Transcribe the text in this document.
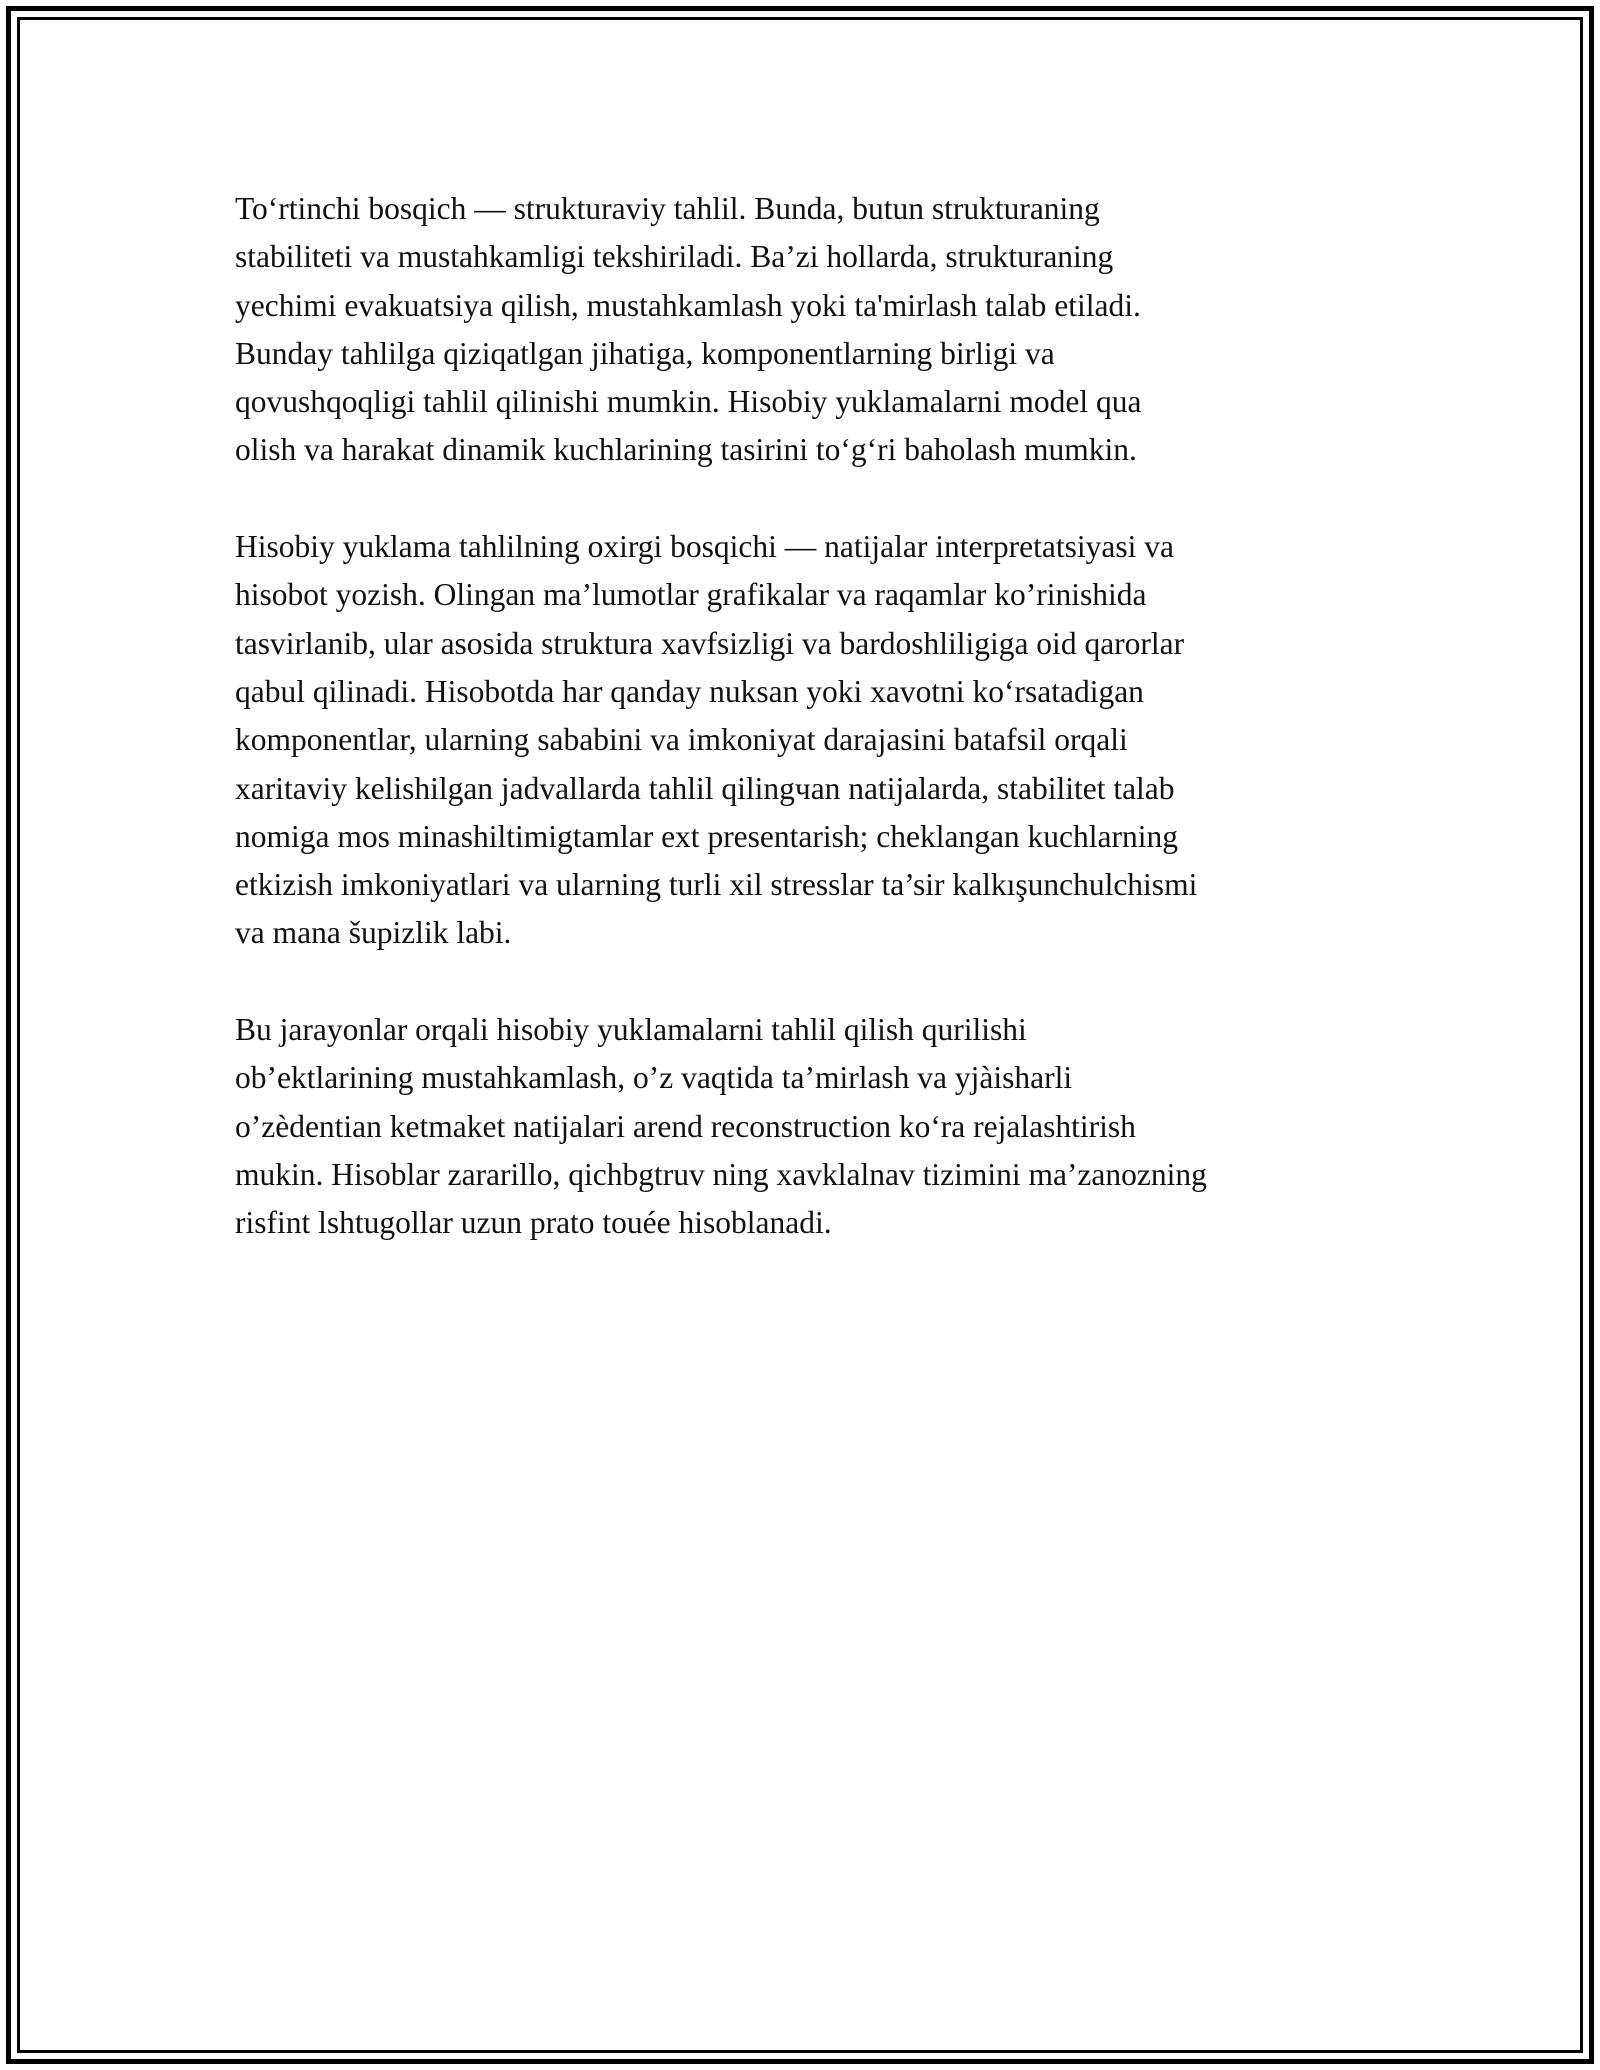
To‘rtinchi bosqich — strukturaviy tahlil. Bunda, butun strukturaning
stabiliteti va mustahkamligi tekshiriladi. Ba’zi hollarda, strukturaning
yechimi evakuatsiya qilish, mustahkamlash yoki ta'mirlash talab etiladi.
Bunday tahlilga qiziqatlgan jihatiga, komponentlarning birligi va
qovushqoqligi tahlil qilinishi mumkin. Hisobiy yuklamalarni model qua
olish va harakat dinamik kuchlarining tasirini to‘g‘ri baholash mumkin.

Hisobiy yuklama tahlilning oxirgi bosqichi — natijalar interpretatsiyasi va
hisobot yozish. Olingan ma’lumotlar grafikalar va raqamlar ko’rinishida
tasvirlanib, ular asosida struktura xavfsizligi va bardoshliligiga oid qarorlar
qabul qilinadi. Hisobotda har qanday nuksan yoki xavotni ko‘rsatadigan
komponentlar, ularning sababini va imkoniyat darajasini batafsil orqali
xaritaviy kelishilgan jadvallarda tahlil qilingчan natijalarda, stabilitet talab
nomiga mos minashiltimigtamlar ext presentarish; cheklangan kuchlarning
etkizish imkoniyatlari va ularning turli xil stresslar ta’sir kalkışunchulchismi
va mana šupizlik labi.

Bu jarayonlar orqali hisobiy yuklamalarni tahlil qilish qurilishi
ob’ektlarining mustahkamlash, o’z vaqtida ta’mirlash va yjàisharli
o’zèdentian ketmaket natijalari arend reconstruction ko‘ra rejalashtirish
mukin. Hisoblar zararillo, qichbgtruv ning xavklalnav tizimini ma’zanozning
risfint lshtugollar uzun prato touée hisoblanadi.
